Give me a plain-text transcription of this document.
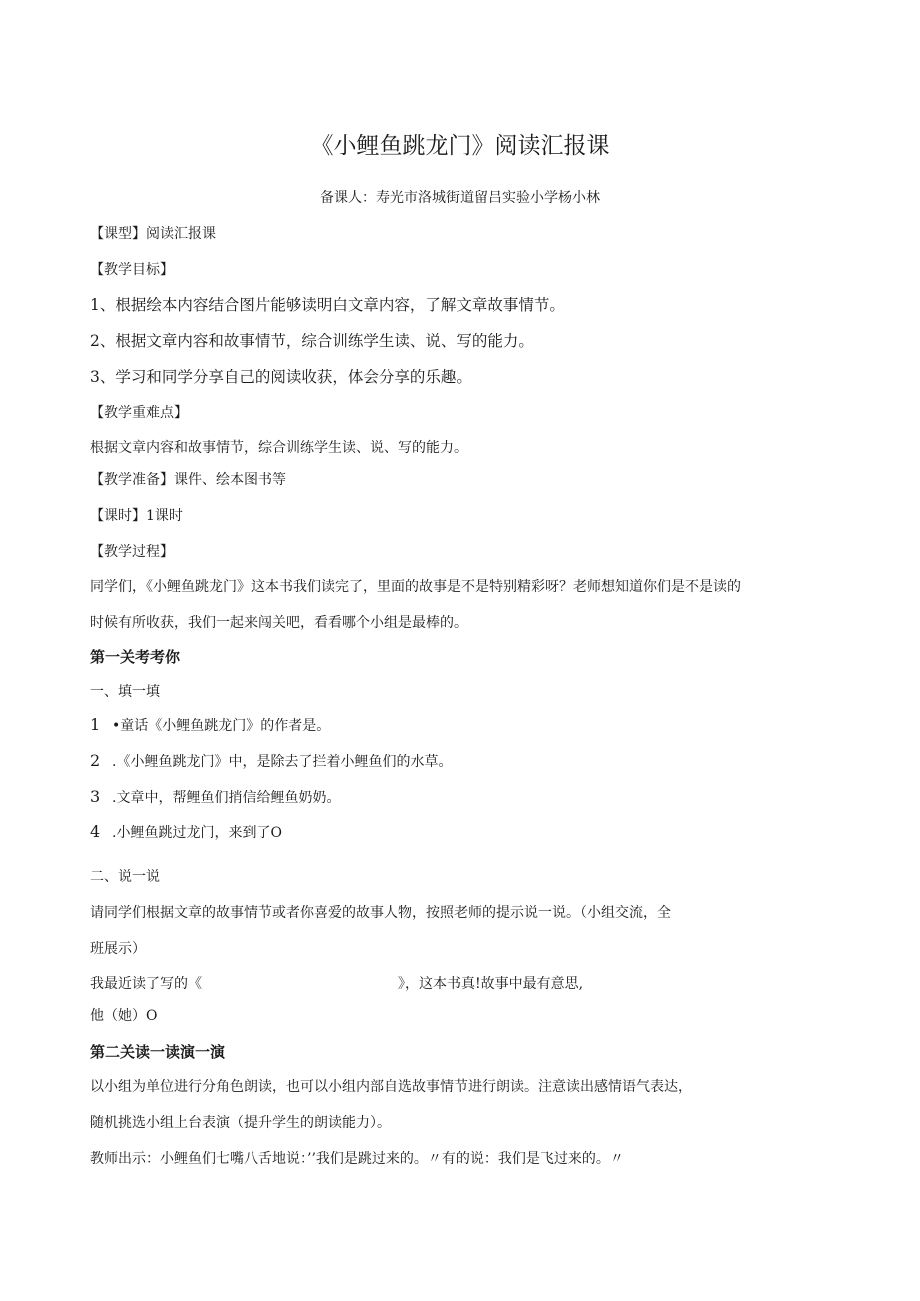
《小鲤鱼跳龙门》阅读汇报课
备课人：寿光市洛城街道留吕实验小学杨小林
【课型】阅读汇报课
【教学目标】
1、根据绘本内容结合图片能够读明白文章内容，了解文章故事情节。
2、根据文章内容和故事情节，综合训练学生读、说、写的能力。
3、学习和同学分享自己的阅读收获，体会分享的乐趣。
【教学重难点】
根据文章内容和故事情节，综合训练学生读、说、写的能力。
【教学准备】课件、绘本图书等
【课时】1课时
【教学过程】
同学们，《小鲤鱼跳龙门》这本书我们读完了，里面的故事是不是特别精彩呀？老师想知道你们是不是读的
时候有所收获，我们一起来闯关吧，看看哪个小组是最棒的。
第一关考考你
一、填一填
1 •童话《小鲤鱼跳龙门》的作者是。
2 .《小鲤鱼跳龙门》中，是除去了拦着小鲤鱼们的水草。
3 .文章中，帮鲤鱼们捎信给鲤鱼奶奶。
4 .小鲤鱼跳过龙门，来到了O
二、说一说
请同学们根据文章的故事情节或者你喜爱的故事人物，按照老师的提示说一说。（小组交流，全
班展示）
我最近读了写的《	》，这本书真!故事中最有意思,
他（她）O
第二关读一读演一演
以小组为单位进行分角色朗读，也可以小组内部自选故事情节进行朗读。注意读出感情语气表达，
随机挑选小组上台表演（提升学生的朗读能力）。
教师出示：小鲤鱼们七嘴八舌地说：’’我们是跳过来的。〃有的说：我们是飞过来的。〃
